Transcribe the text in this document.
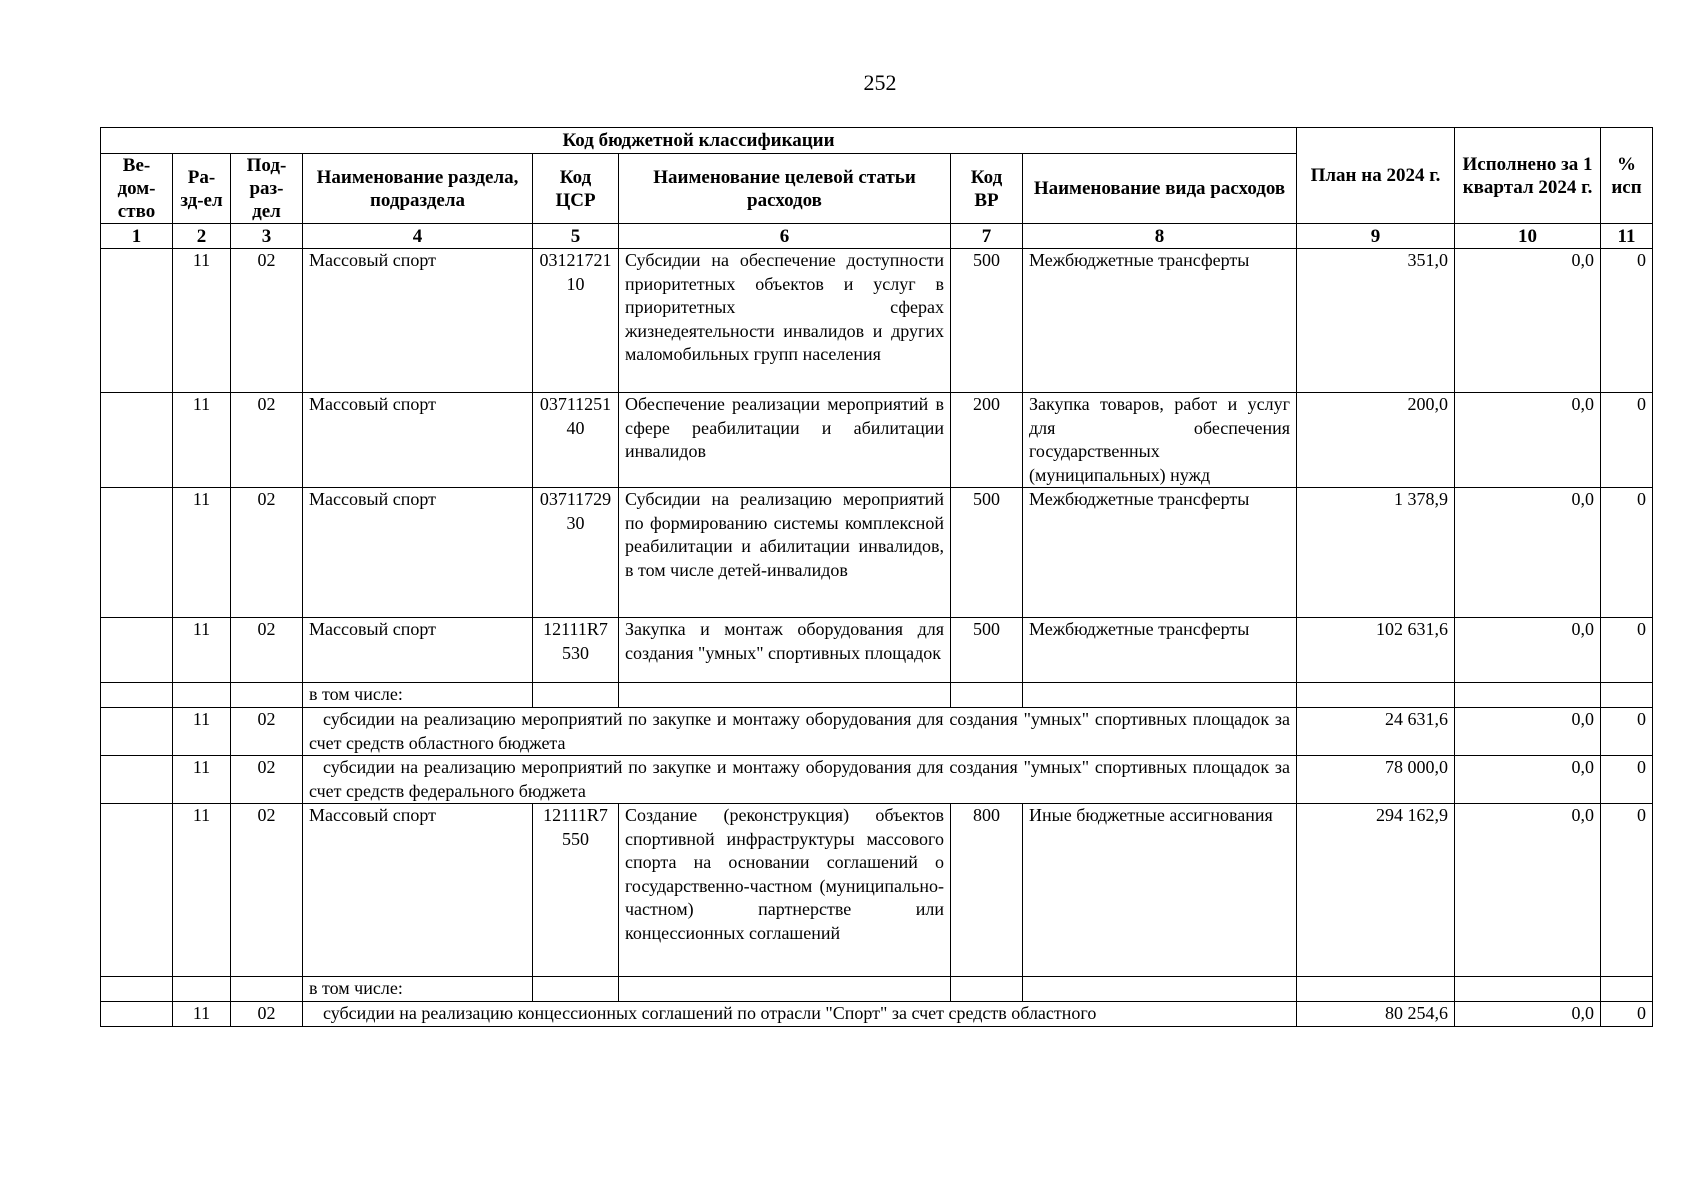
252
Код бюджетной классификации								План на 2024 г.	Исполнено за 1 квартал 2024 г.	% исп
Ве-дом-ство	Ра-зд-ел	Под-раз-дел	Наименование раздела, подраздела	Код ЦСР	Наименование целевой статьи расходов	Код ВР	Наименование вида расходов			
1	2	3	4	5	6	7	8	9	10	11
	11	02	Массовый спорт	0312172110	Субсидии на обеспечение доступности приоритетных объектов и услуг в приоритетных сферах жизнедеятельности инвалидов и других маломобильных групп населения	500	Межбюджетные трансферты	351,0	0,0	0
	11	02	Массовый спорт	0371125140	Обеспечение реализации мероприятий в сфере реабилитации и абилитации инвалидов	200	Закупка товаров, работ и услуг для обеспечения государственных (муниципальных) нужд	200,0	0,0	0
	11	02	Массовый спорт	0371172930	Субсидии на реализацию мероприятий по формированию системы комплексной реабилитации и абилитации инвалидов, в том числе детей-инвалидов	500	Межбюджетные трансферты	1 378,9	0,0	0
	11	02	Массовый спорт	12111R7530	Закупка и монтаж оборудования для создания "умных" спортивных площадок	500	Межбюджетные трансферты	102 631,6	0,0	0
			в том числе:							
	11	02	субсидии на реализацию мероприятий по закупке и монтажу оборудования для создания "умных" спортивных площадок за счет средств областного бюджета					24 631,6	0,0	0
	11	02	субсидии на реализацию мероприятий по закупке и монтажу оборудования для создания "умных" спортивных площадок за счет средств федерального бюджета					78 000,0	0,0	0
	11	02	Массовый спорт	12111R7550	Создание (реконструкция) объектов спортивной инфраструктуры массового спорта на основании соглашений о государственно-частном (муниципально-частном) партнерстве или концессионных соглашений	800	Иные бюджетные ассигнования	294 162,9	0,0	0
			в том числе:							
	11	02	субсидии на реализацию концессионных соглашений по отрасли "Спорт" за счет средств областного					80 254,6	0,0	0
